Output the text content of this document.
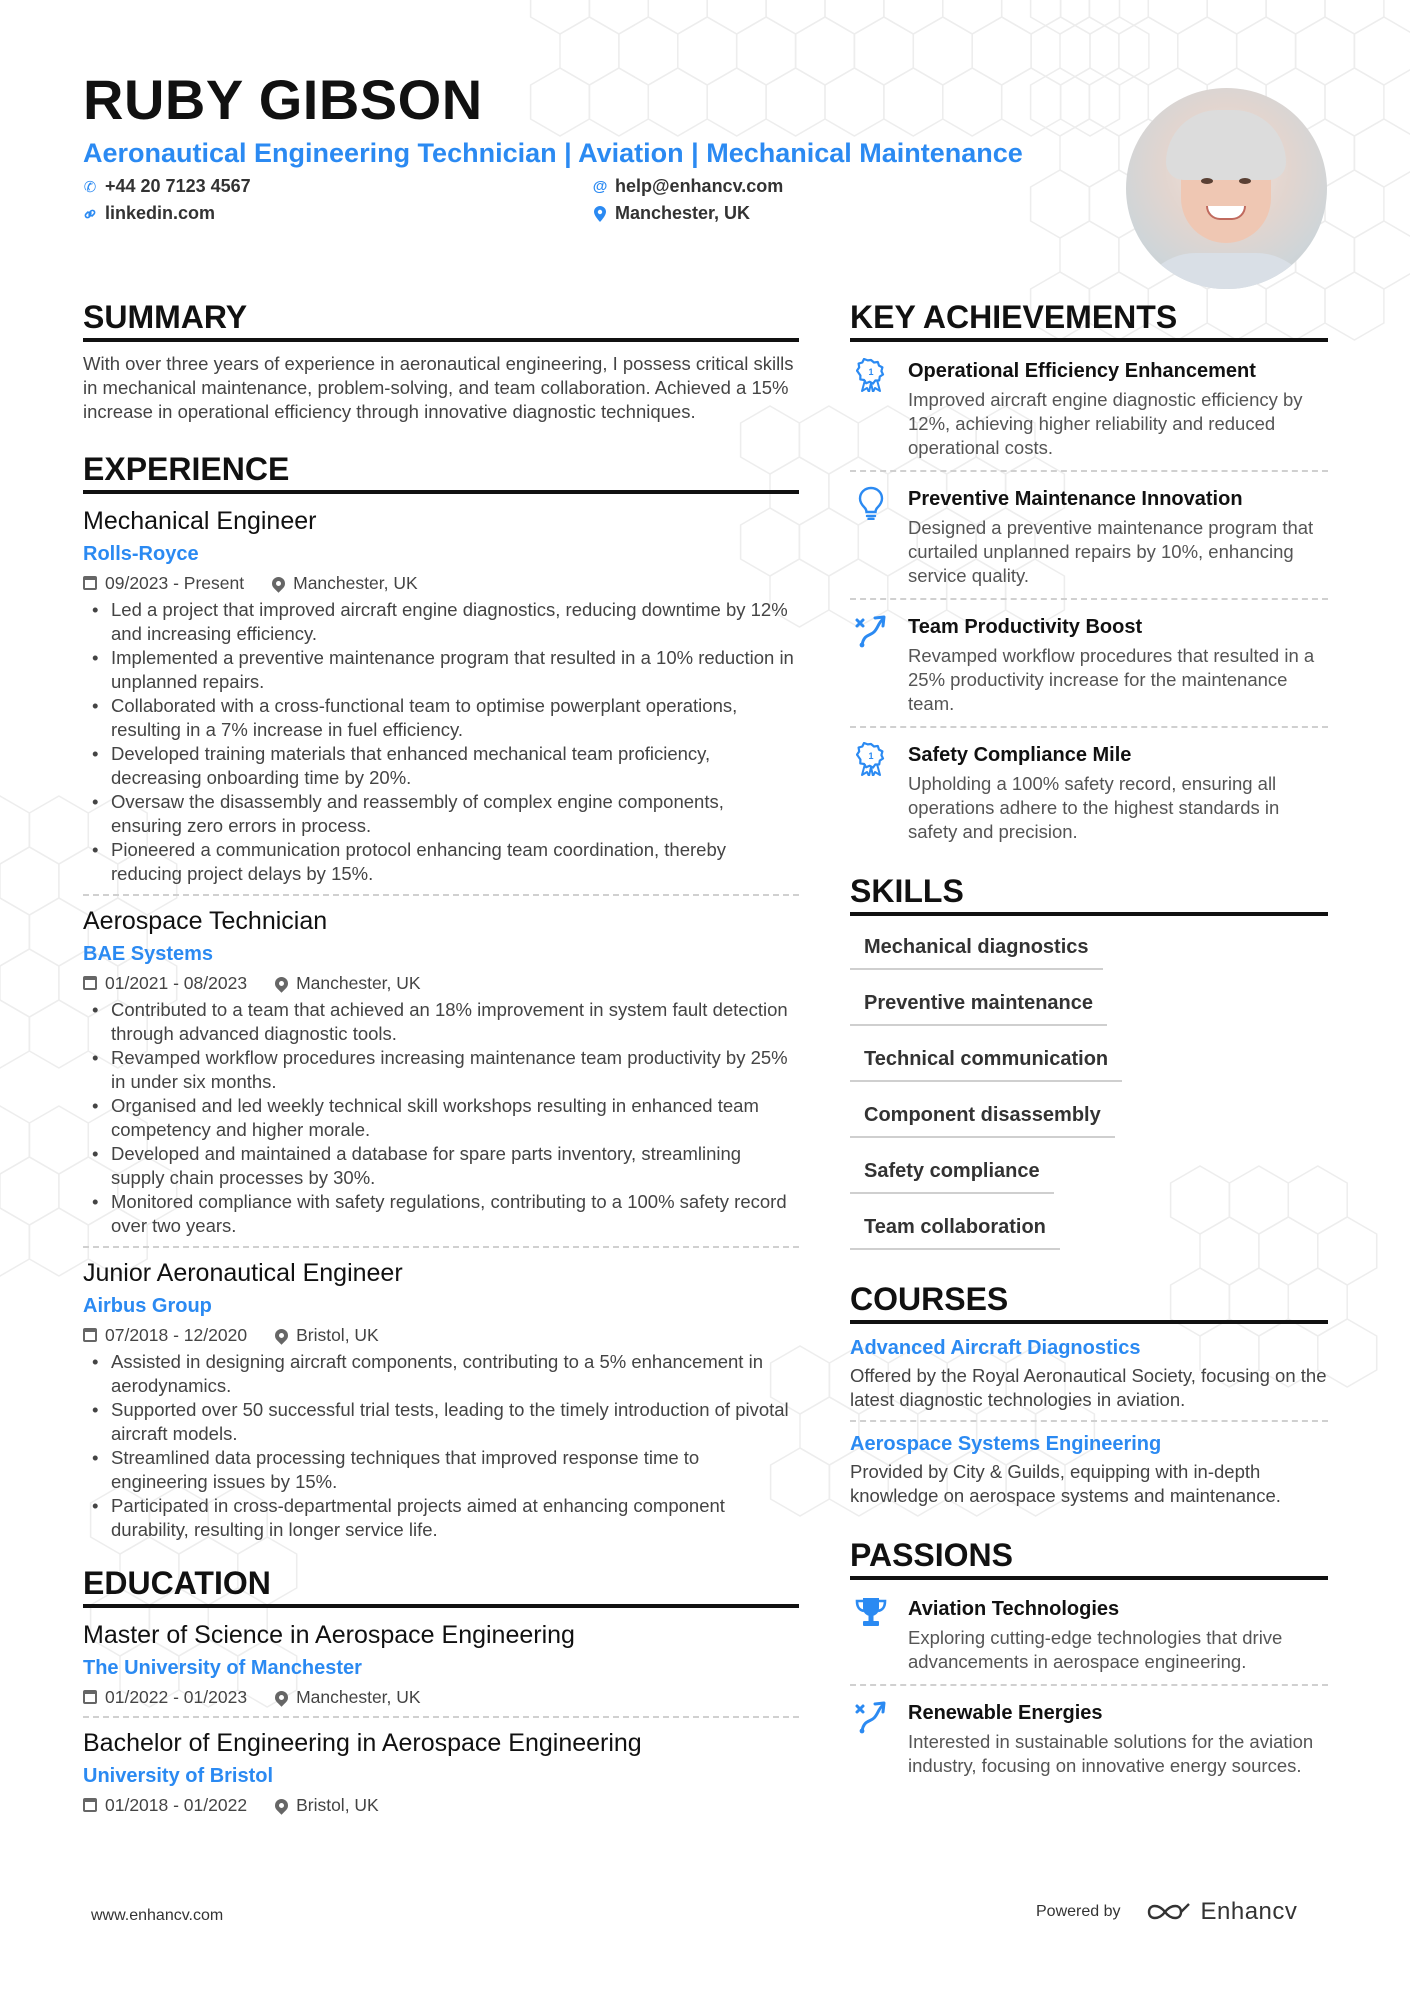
RUBY GIBSON
Aeronautical Engineering Technician | Aviation | Mechanical Maintenance
✆ +44 20 7123 4567	@ help@enhancv.com
linkedin.com	Manchester, UK
SUMMARY
With over three years of experience in aeronautical engineering, I possess critical skills in mechanical maintenance, problem-solving, and team collaboration. Achieved a 15% increase in operational efficiency through innovative diagnostic techniques.
EXPERIENCE
Mechanical Engineer
Rolls-Royce
09/2023 - Present	Manchester, UK
• Led a project that improved aircraft engine diagnostics, reducing downtime by 12% and increasing efficiency.
• Implemented a preventive maintenance program that resulted in a 10% reduction in unplanned repairs.
• Collaborated with a cross-functional team to optimise powerplant operations, resulting in a 7% increase in fuel efficiency.
• Developed training materials that enhanced mechanical team proficiency, decreasing onboarding time by 20%.
• Oversaw the disassembly and reassembly of complex engine components, ensuring zero errors in process.
• Pioneered a communication protocol enhancing team coordination, thereby reducing project delays by 15%.
Aerospace Technician
BAE Systems
01/2021 - 08/2023	Manchester, UK
• Contributed to a team that achieved an 18% improvement in system fault detection through advanced diagnostic tools.
• Revamped workflow procedures increasing maintenance team productivity by 25% in under six months.
• Organised and led weekly technical skill workshops resulting in enhanced team competency and higher morale.
• Developed and maintained a database for spare parts inventory, streamlining supply chain processes by 30%.
• Monitored compliance with safety regulations, contributing to a 100% safety record over two years.
Junior Aeronautical Engineer
Airbus Group
07/2018 - 12/2020	Bristol, UK
• Assisted in designing aircraft components, contributing to a 5% enhancement in aerodynamics.
• Supported over 50 successful trial tests, leading to the timely introduction of pivotal aircraft models.
• Streamlined data processing techniques that improved response time to engineering issues by 15%.
• Participated in cross-departmental projects aimed at enhancing component durability, resulting in longer service life.
EDUCATION
Master of Science in Aerospace Engineering
The University of Manchester
01/2022 - 01/2023	Manchester, UK
Bachelor of Engineering in Aerospace Engineering
University of Bristol
01/2018 - 01/2022	Bristol, UK
KEY ACHIEVEMENTS
1 Operational Efficiency Enhancement
Improved aircraft engine diagnostic efficiency by 12%, achieving higher reliability and reduced operational costs.
Preventive Maintenance Innovation
Designed a preventive maintenance program that curtailed unplanned repairs by 10%, enhancing service quality.
Team Productivity Boost
Revamped workflow procedures that resulted in a 25% productivity increase for the maintenance team.
1 Safety Compliance Mile
Upholding a 100% safety record, ensuring all operations adhere to the highest standards in safety and precision.
SKILLS
Mechanical diagnostics
Preventive maintenance
Technical communication
Component disassembly
Safety compliance
Team collaboration
COURSES
Advanced Aircraft Diagnostics
Offered by the Royal Aeronautical Society, focusing on the latest diagnostic technologies in aviation.
Aerospace Systems Engineering
Provided by City & Guilds, equipping with in-depth knowledge on aerospace systems and maintenance.
PASSIONS
Aviation Technologies
Exploring cutting-edge technologies that drive advancements in aerospace engineering.
Renewable Energies
Interested in sustainable solutions for the aviation industry, focusing on innovative energy sources.
www.enhancv.com	Powered by	Enhancv
